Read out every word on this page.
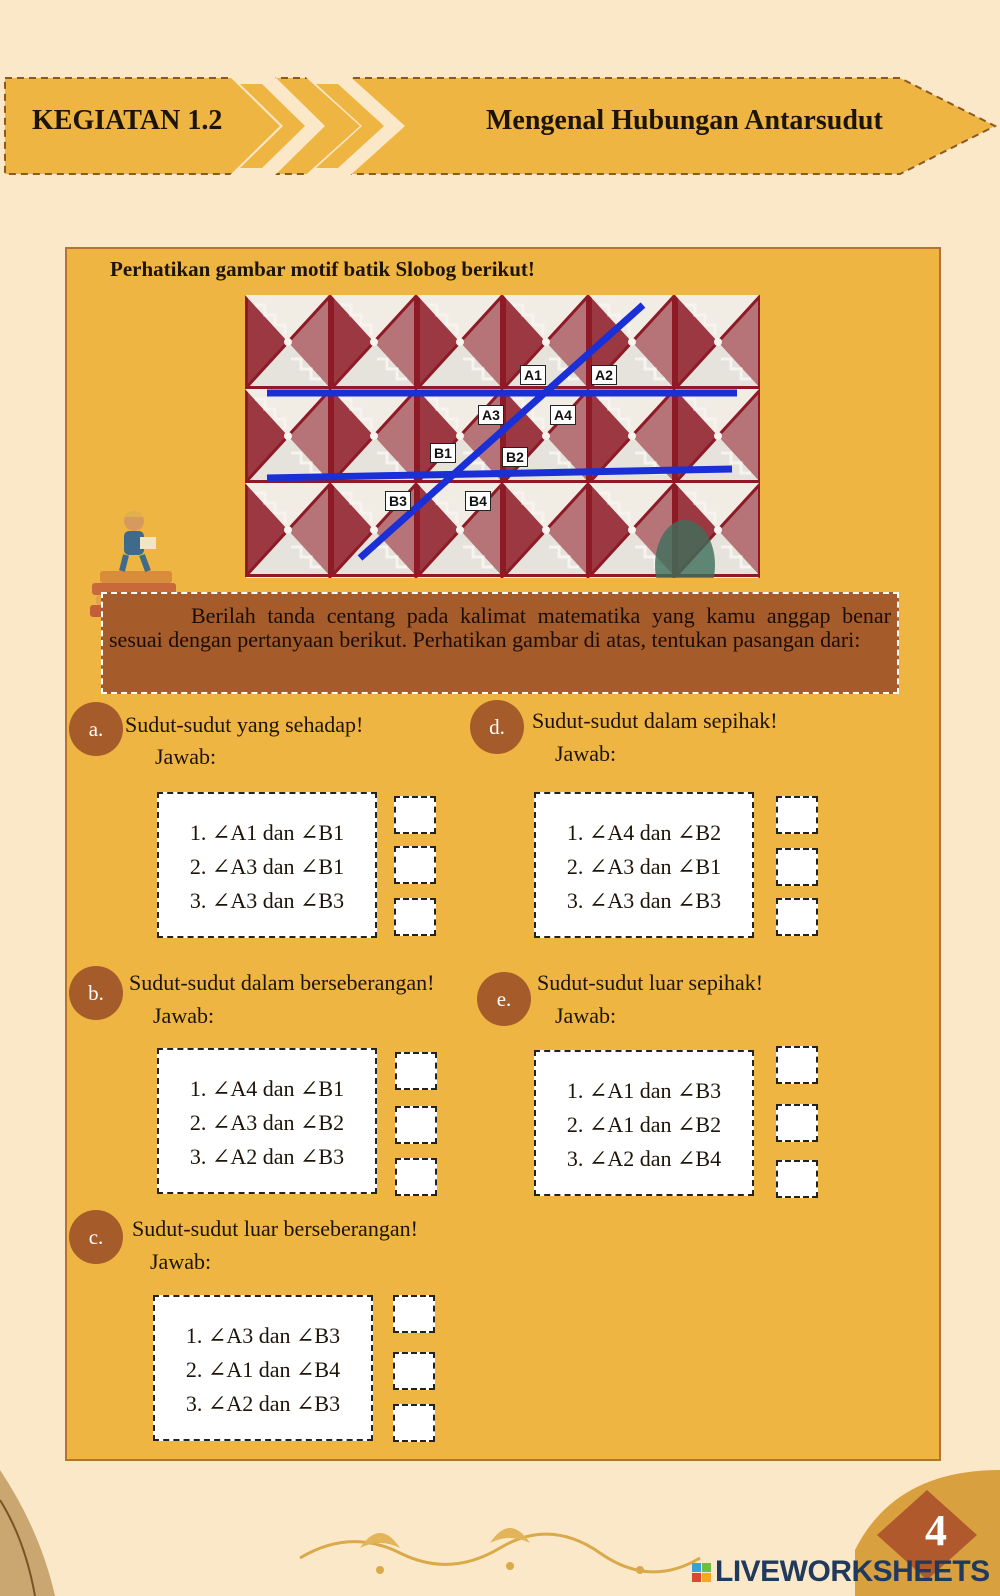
KEGIATAN 1.2	Mengenal Hubungan Antarsudut
Perhatikan gambar motif batik Slobog berikut!
A1	A2
A3	A4
B1	B2
B3	B4
Berilah tanda centang pada kalimat matematika yang kamu anggap benar sesuai dengan pertanyaan berikut. Perhatikan gambar di atas, tentukan pasangan dari:
a. Sudut-sudut yang sehadap!
Jawab:
1. ∠A1 dan ∠B1
2. ∠A3 dan ∠B1
3. ∠A3 dan ∠B3
d.	Sudut-sudut dalam sepihak!
Jawab:
1. ∠A4 dan ∠B2
2. ∠A3 dan ∠B1
3. ∠A3 dan ∠B3
b.	Sudut-sudut dalam berseberangan!
Jawab:
1. ∠A4 dan ∠B1
2. ∠A3 dan ∠B2
3. ∠A2 dan ∠B3
e.
Sudut-sudut luar sepihak!
Jawab:
1. ∠A1 dan ∠B3
2. ∠A1 dan ∠B2
3. ∠A2 dan ∠B4
c.	Sudut-sudut luar berseberangan!
Jawab:
1. ∠A3 dan ∠B3
2. ∠A1 dan ∠B4
3. ∠A2 dan ∠B3
4
LIVEWORKSHEETS
